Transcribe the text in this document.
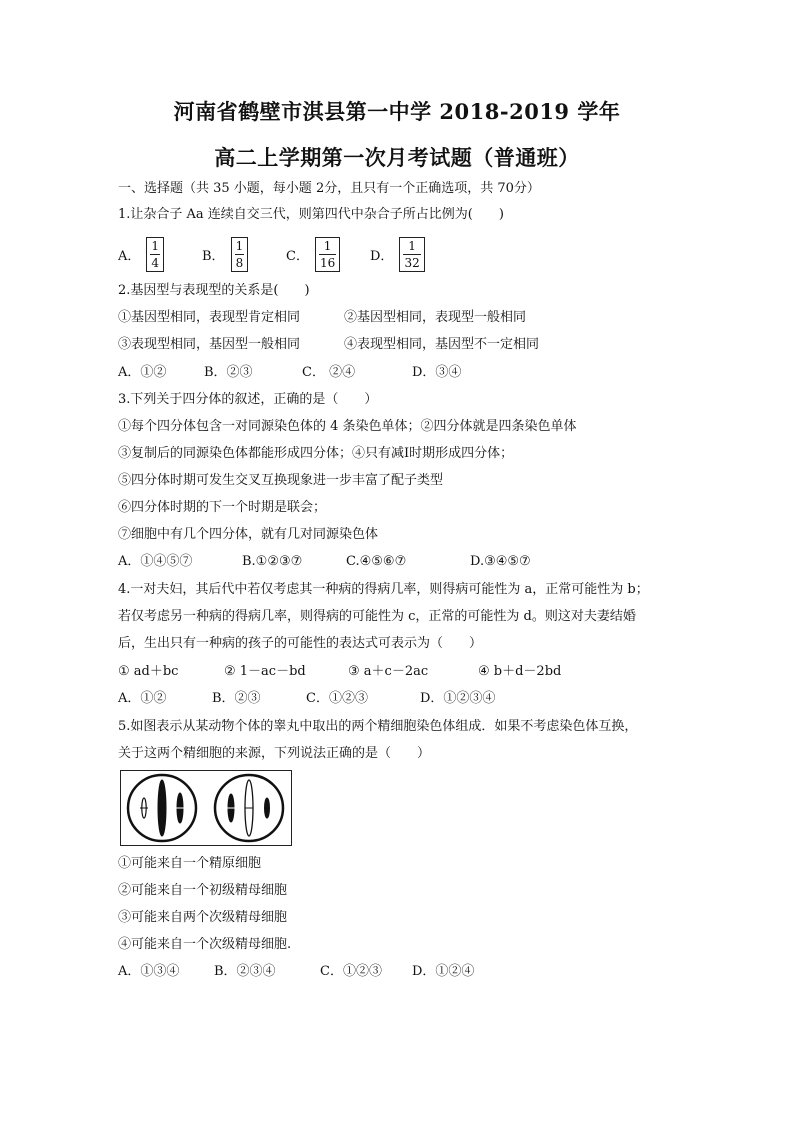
河南省鹤壁市淇县第一中学 2018-2019 学年
高二上学期第一次月考试题（普通班）
一、选择题（共 35 小题，每小题 2分，且只有一个正确选项，共 70分）
1.让杂合子 Aa 连续自交三代，则第四代中杂合子所占比例为(　　)
A． $\frac{1}{4}$	B． $\frac{1}{8}$	C． $\frac{1}{16}$ D． $\frac{1}{32}$
2.基因型与表现型的关系是(　　)
①基因型相同，表现型肯定相同	②基因型相同，表现型一般相同
③表现型相同，基因型一般相同	④表现型相同，基因型不一定相同
A．①②	B．②③	C． ②④	D．③④
3.下列关于四分体的叙述，正确的是（　　）
①每个四分体包含一对同源染色体的 4 条染色单体；②四分体就是四条染色单体
③复制后的同源染色体都能形成四分体；④只有减Ⅰ时期形成四分体；
⑤四分体时期可发生交叉互换现象进一步丰富了配子类型
⑥四分体时期的下一个时期是联会；
⑦细胞中有几个四分体，就有几对同源染色体
A．①④⑤⑦	B.①②③⑦	C.④⑤⑥⑦	D.③④⑤⑦
4.一对夫妇，其后代中若仅考虑其一种病的得病几率，则得病可能性为 a，正常可能性为 b；
若仅考虑另一种病的得病几率，则得病的可能性为 c，正常的可能性为 d。则这对夫妻结婚
后，生出只有一种病的孩子的可能性的表达式可表示为（　　）
① ad＋bc	② 1－ac－bd	③ a＋c－2ac	④ b＋d－2bd
A．①②	B．②③	C．①②③	D．①②③④
5.如图表示从某动物个体的睾丸中取出的两个精细胞染色体组成．如果不考虑染色体互换，
关于这两个精细胞的来源，下列说法正确的是（　　）
①可能来自一个精原细胞
②可能来自一个初级精母细胞
③可能来自两个次级精母细胞
④可能来自一个次级精母细胞.
A．①③④	B．②③④	C．①②③ D．①②④
